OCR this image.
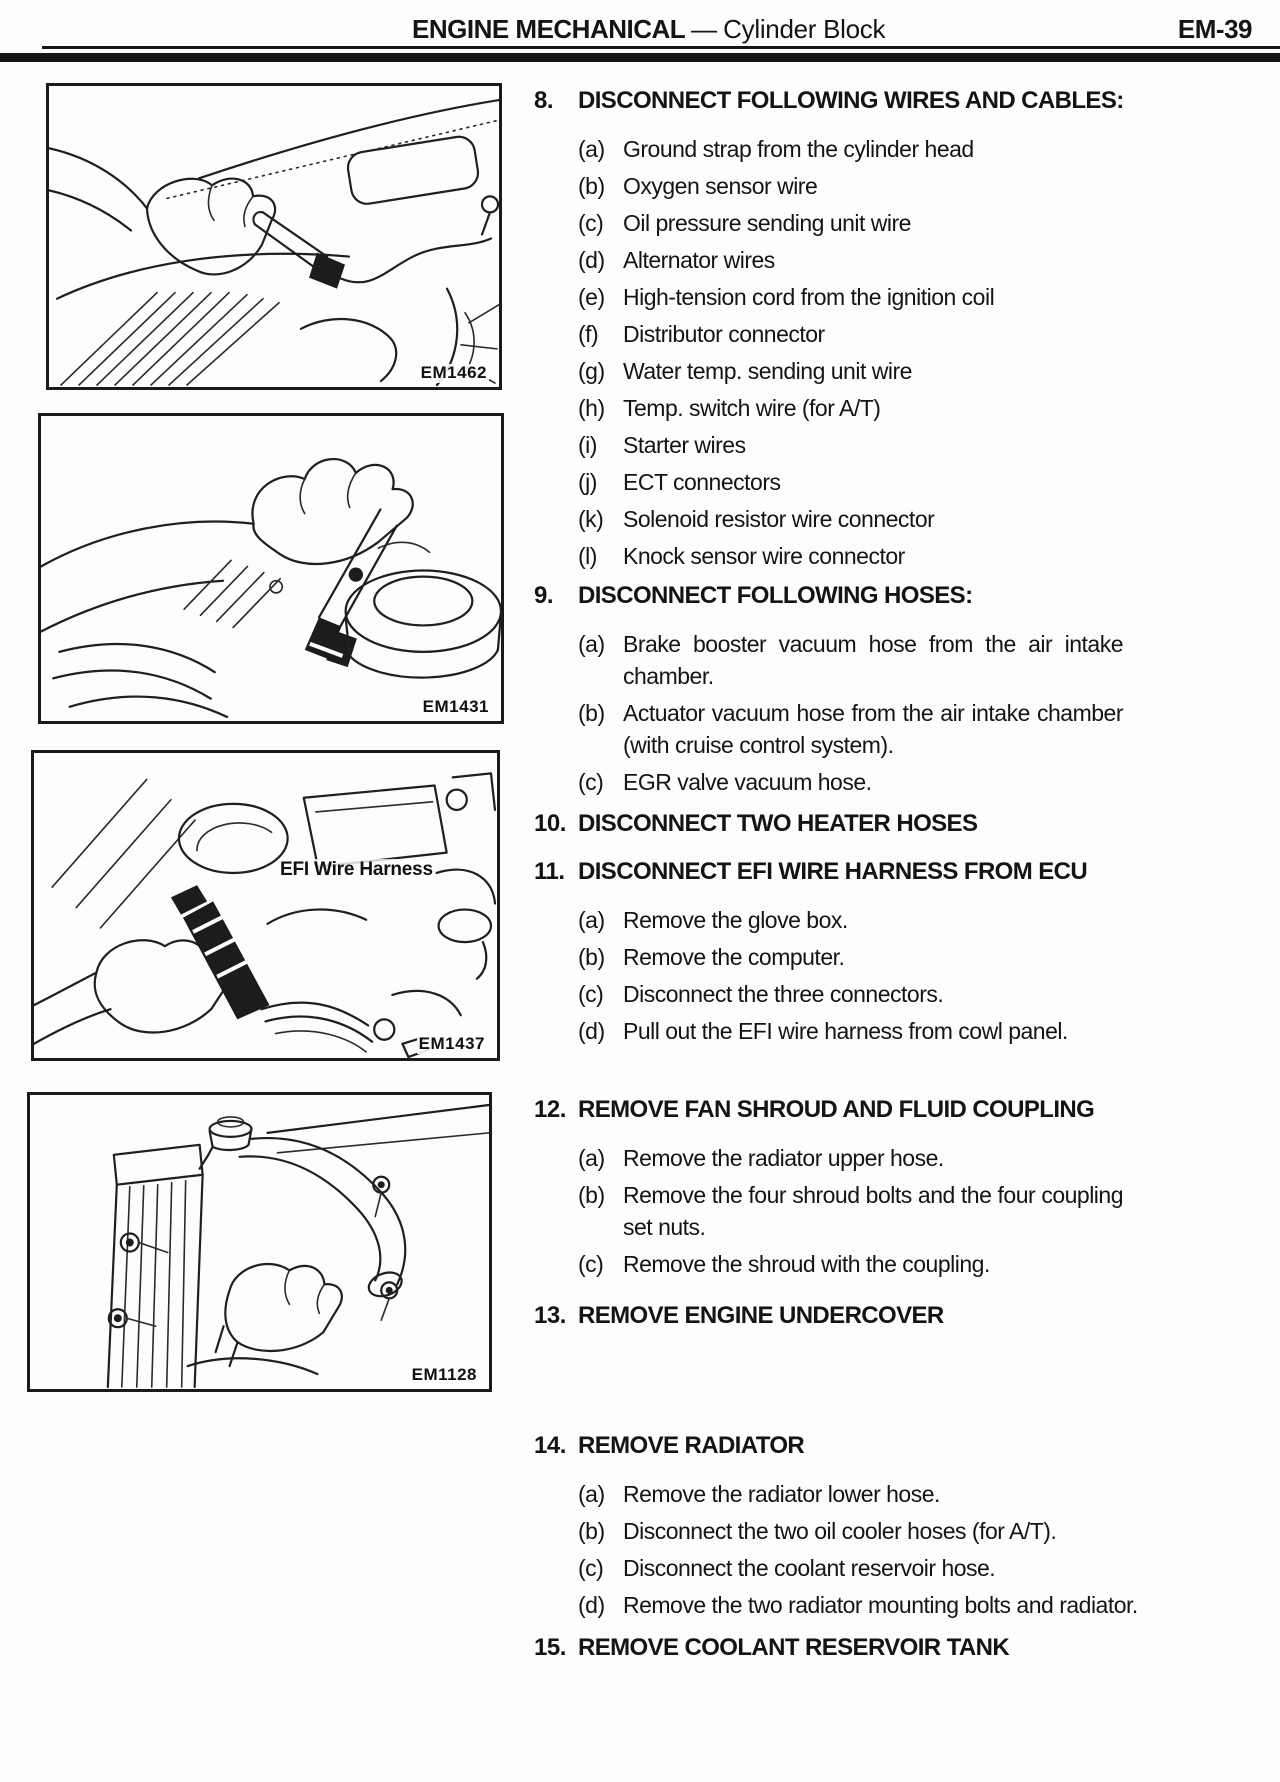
ENGINE MECHANICAL — Cylinder Block	EM-39
EM1462
EM1431
EFI Wire Harness
EM1437
EM1128
8.	DISCONNECT FOLLOWING WIRES AND CABLES:
(a) Ground strap from the cylinder head
(b) Oxygen sensor wire
(c) Oil pressure sending unit wire
(d) Alternator wires
(e) High-tension cord from the ignition coil
(f)	Distributor connector
(g) Water temp. sending unit wire
(h) Temp. switch wire (for A/T)
(i)	Starter wires
(j)	ECT connectors
(k) Solenoid resistor wire connector
(l)	Knock sensor wire connector
9.	DISCONNECT FOLLOWING HOSES:
(a) Brake booster vacuum hose from the air intake chamber.
(b) Actuator vacuum hose from the air intake chamber (with cruise control system).
(c) EGR valve vacuum hose.
10. DISCONNECT TWO HEATER HOSES
11. DISCONNECT EFI WIRE HARNESS FROM ECU
(a) Remove the glove box.
(b) Remove the computer.
(c) Disconnect the three connectors.
(d) Pull out the EFI wire harness from cowl panel.
12. REMOVE FAN SHROUD AND FLUID COUPLING
(a) Remove the radiator upper hose.
(b) Remove the four shroud bolts and the four coupling set nuts.
(c) Remove the shroud with the coupling.
13. REMOVE ENGINE UNDERCOVER
14. REMOVE RADIATOR
(a) Remove the radiator lower hose.
(b) Disconnect the two oil cooler hoses (for A/T).
(c) Disconnect the coolant reservoir hose.
(d) Remove the two radiator mounting bolts and radiator.
15. REMOVE COOLANT RESERVOIR TANK
